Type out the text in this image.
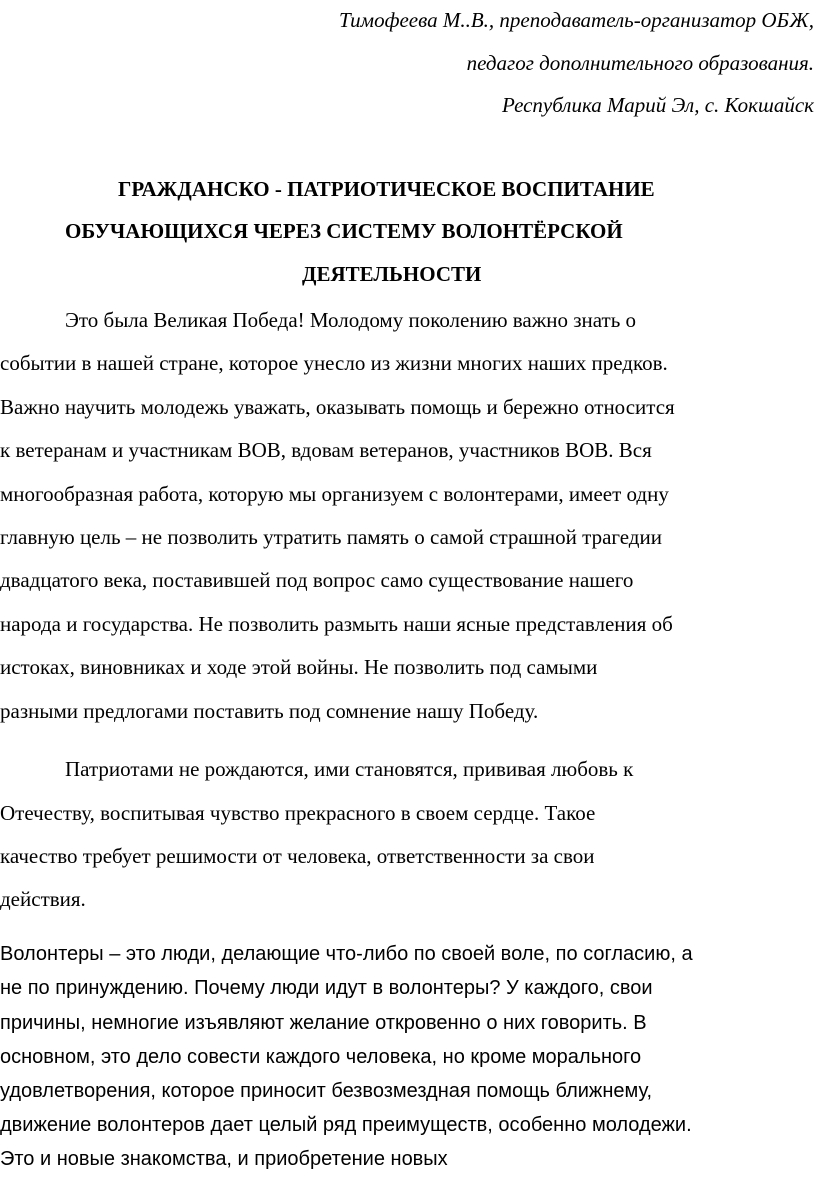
Тимофеева М..В., преподаватель-организатор ОБЖ,
педагог дополнительного образования.
Республика Марий Эл, с. Кокшайск
ГРАЖДАНСКО - ПАТРИОТИЧЕСКОЕ ВОСПИТАНИЕ
ОБУЧАЮЩИХСЯ ЧЕРЕЗ СИСТЕМУ ВОЛОНТЁРСКОЙ
ДЕЯТЕЛЬНОСТИ
Это была Великая Победа! Молодому поколению важно знать о
событии в нашей стране, которое унесло из жизни многих наших предков.
Важно научить молодежь уважать, оказывать помощь и бережно относится
к ветеранам и участникам ВОВ, вдовам ветеранов, участников ВОВ. Вся
многообразная работа, которую мы организуем с волонтерами, имеет одну
главную цель – не позволить утратить память о самой страшной трагедии
двадцатого века, поставившей под вопрос само существование нашего
народа и государства. Не позволить размыть наши ясные представления об
истоках, виновниках и ходе этой войны. Не позволить под самыми
разными предлогами поставить под сомнение нашу Победу.
Патриотами не рождаются, ими становятся, прививая любовь к
Отечеству, воспитывая чувство прекрасного в своем сердце. Такое
качество требует решимости от человека, ответственности за свои
действия.
Волонтеры – это люди, делающие что-либо по своей воле, по согласию, а
не по принуждению. Почему люди идут в волонтеры? У каждого, свои
причины, немногие изъявляют желание откровенно о них говорить. В
основном, это дело совести каждого человека, но кроме морального
удовлетворения, которое приносит безвозмездная помощь ближнему,
движение волонтеров дает целый ряд преимуществ, особенно молодежи.
Это и новые знакомства, и приобретение новых
